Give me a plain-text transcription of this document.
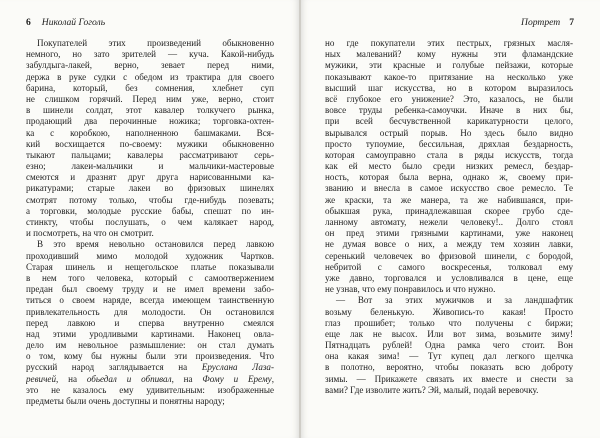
6 Николай Гоголь
Покупателей этих произведений обыкновенно
немного, но зато зрителей — куча. Какой-нибудь
забулдыга-лакей, верно, зевает перед ними,
держа в руке судки с обедом из трактира для своего
барина, который, без сомнения, хлебнет суп
не слишком горячий. Перед ним уже, верно, стоит
в шинели солдат, этот кавалер толкучего рынка,
продающий два перочинные ножика; торговка-охтен-
ка с коробкою, наполненною башмаками. Вся-
кий восхищается по-своему: мужики обыкновенно
тыкают пальцами; кавалеры рассматривают серь-
езно; лакеи-мальчики и мальчики-мастеровые
смеются и дразнят друг друга нарисованными ка-
рикатурами; старые лакеи во фризовых шинелях
смотрят потому только, чтобы где-нибудь позевать;
а торговки, молодые русские бабы, спешат по ин-
стинкту, чтобы послушать, о чем калякает народ,
и посмотреть, на что он смотрит.
В это время невольно остановился перед лавкою
проходивший мимо молодой художник Чартков.
Старая шинель и нещегольское платье показывали
в нем того человека, который с самоотвержением
предан был своему труду и не имел времени забо-
титься о своем наряде, всегда имеющем таинственную
привлекательность для молодости. Он остановился
перед лавкою и сперва внутренно смеялся
над этими уродливыми картинами. Наконец овла-
дело им невольное размышление: он стал думать
о том, кому бы нужны были эти произведения. Что
русский народ заглядывается на Еруслана Лаза-
ревичей, на обьедал и обпивал, на Фому и Ерему,
это не казалось ему удивительным: изображенные
предметы были очень доступны и понятны народу;
Портрет 7
но где покупатели этих пестрых, грязных масля-
ных малеваний? кому нужны эти фламандские
мужики, эти красные и голубые пейзажи, которые
показывают какое-то притязание на несколько уже
высший шаг искусства, но в котором выразилось
всё глубокое его унижение? Это, казалось, не были
вовсе труды ребенка-самоучки. Иначе в них бы,
при всей бесчувственной карикатурности целого,
вырывался острый порыв. Но здесь было видно
просто тупоумие, бессильная, дряхлая бездарность,
которая самоуправно стала в ряды искусств, тогда
как ей место было среди низких ремесл, бездар-
ность, которая была верна, однако ж, своему при-
званию и внесла в самое искусство свое ремесло. Те
же краски, та же манера, та же набившаяся, при-
обыкшая рука, принадлежавшая скорее грубо сде-
ланному автомату, нежели человеку!.. Долго стоял
он пред этими грязными картинами, уже наконец
не думая вовсе о них, а между тем хозяин лавки,
серенький человечек во фризовой шинели, с бородой,
небритой с самого воскресенья, толковал ему
уже давно, торговался и условливался в цене, еще
не узнав, что ему понравилось и что нужно.
— Вот за этих мужичков и за ландшафтик
возьму беленькую. Живопись-то какая! Просто
глаз прошибет; только что получены с биржи;
еще лак не высох. Или вот зима, возьмите зиму!
Пятнадцать рублей! Одна рамка чего стоит. Вон
она какая зима! — Тут купец дал легкого щелчка
в полотно, вероятно, чтобы показать всю доброту
зимы. — Прикажете связать их вместе и снести за
вами? Где изволите жить? Эй, малый, подай веревочку.
